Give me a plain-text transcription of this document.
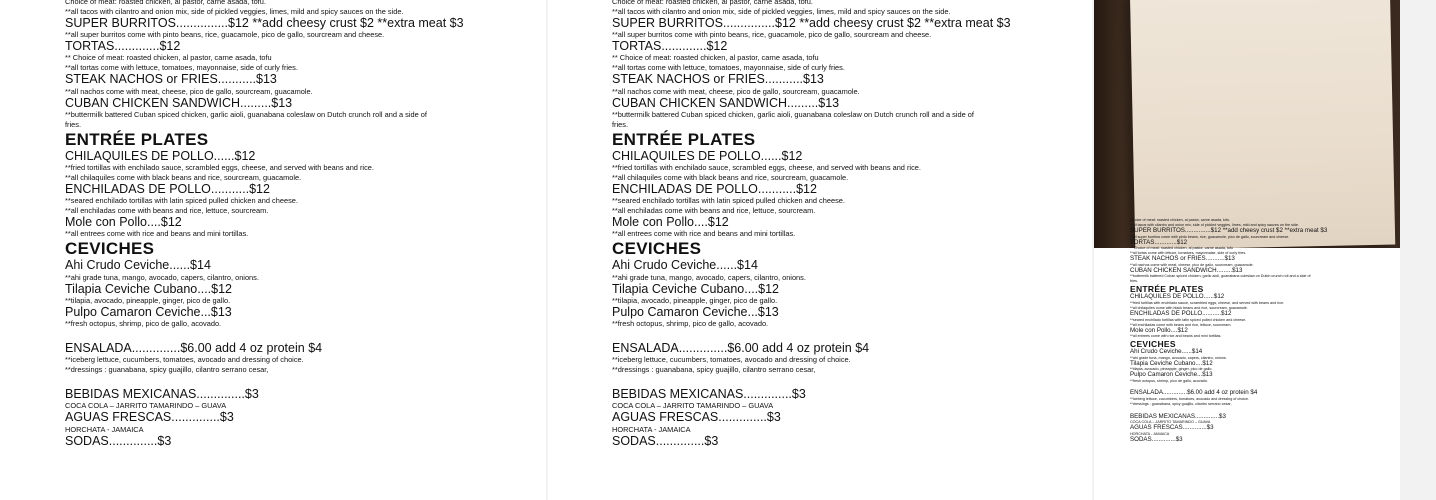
Choice of meat: roasted chicken, al pastor, carne asada, tofu.
**all tacos with cilantro and onion mix, side of pickled veggies, limes, mild and spicy sauces on the side.
SUPER BURRITOS...............$12 **add cheesy crust $2 **extra meat $3
**all super burritos come with pinto beans, rice, guacamole, pico de gallo, sourcream and cheese.
TORTAS.............$12
** Choice of meat: roasted chicken, al pastor, carne asada, tofu
**all tortas come with lettuce, tomatoes, mayonnaise, side of curly fries.
STEAK NACHOS or FRIES...........$13
**all nachos come with meat, cheese, pico de gallo, sourcream, guacamole.
CUBAN CHICKEN SANDWICH.........$13
**buttermilk battered Cuban spiced chicken, garlic aioli, guanabana coleslaw on Dutch crunch roll and a side of
fries.
ENTRÉE PLATES
CHILAQUILES DE POLLO......$12
**fried tortillas with enchilado sauce, scrambled eggs, cheese, and served with beans and rice.
**all chilaquiles come with black beans and rice, sourcream, guacamole.
ENCHILADAS DE POLLO...........$12
**seared enchilado tortillas with latin spiced pulled chicken and cheese.
**all enchiladas come with beans and rice, lettuce, sourcream.
Mole con Pollo....$12
**all entrees come with rice and beans and mini tortillas.
CEVICHES
Ahi Crudo Ceviche......$14
**ahi grade tuna, mango, avocado, capers, cilantro, onions.
Tilapia Ceviche Cubano....$12
**tilapia, avocado, pineapple, ginger, pico de gallo.
Pulpo Camaron Ceviche...$13
**fresh octopus, shrimp, pico de gallo, acovado.
ENSALADA..............$6.00 add 4 oz protein $4
**iceberg lettuce, cucumbers, tomatoes, avocado and dressing of choice.
**dressings : guanabana, spicy guajillo, cilantro serrano cesar,
BEBIDAS MEXICANAS..............$3
COCA COLA – JARRITO TAMARINDO – GUAVA
AGUAS FRESCAS..............$3
HORCHATA - JAMAICA
SODAS..............$3
Choice of meat: roasted chicken, al pastor, carne asada, tofu.
**all tacos with cilantro and onion mix, side of pickled veggies, limes, mild and spicy sauces on the side.
SUPER BURRITOS...............$12 **add cheesy crust $2 **extra meat $3
**all super burritos come with pinto beans, rice, guacamole, pico de gallo, sourcream and cheese.
TORTAS.............$12
** Choice of meat: roasted chicken, al pastor, carne asada, tofu
**all tortas come with lettuce, tomatoes, mayonnaise, side of curly fries.
STEAK NACHOS or FRIES...........$13
**all nachos come with meat, cheese, pico de gallo, sourcream, guacamole.
CUBAN CHICKEN SANDWICH.........$13
**buttermilk battered Cuban spiced chicken, garlic aioli, guanabana coleslaw on Dutch crunch roll and a side of
fries.
ENTRÉE PLATES
CHILAQUILES DE POLLO......$12
**fried tortillas with enchilado sauce, scrambled eggs, cheese, and served with beans and rice.
**all chilaquiles come with black beans and rice, sourcream, guacamole.
ENCHILADAS DE POLLO...........$12
**seared enchilado tortillas with latin spiced pulled chicken and cheese.
**all enchiladas come with beans and rice, lettuce, sourcream.
Mole con Pollo....$12
**all entrees come with rice and beans and mini tortillas.
CEVICHES
Ahi Crudo Ceviche......$14
**ahi grade tuna, mango, avocado, capers, cilantro, onions.
Tilapia Ceviche Cubano....$12
**tilapia, avocado, pineapple, ginger, pico de gallo.
Pulpo Camaron Ceviche...$13
**fresh octopus, shrimp, pico de gallo, acovado.
ENSALADA..............$6.00 add 4 oz protein $4
**iceberg lettuce, cucumbers, tomatoes, avocado and dressing of choice.
**dressings : guanabana, spicy guajillo, cilantro serrano cesar,
BEBIDAS MEXICANAS..............$3
COCA COLA – JARRITO TAMARINDO – GUAVA
AGUAS FRESCAS..............$3
HORCHATA - JAMAICA
SODAS..............$3
Choice of meat: roasted chicken, al pastor, carne asada, tofu.
**all tacos with cilantro and onion mix, side of pickled veggies, limes, mild and spicy sauces on the side.
SUPER BURRITOS...............$12 **add cheesy crust $2 **extra meat $3
**all super burritos come with pinto beans, rice, guacamole, pico de gallo, sourcream and cheese.
TORTAS.............$12
** Choice of meat: roasted chicken, al pastor, carne asada, tofu
**all tortas come with lettuce, tomatoes, mayonnaise, side of curly fries.
STEAK NACHOS or FRIES...........$13
**all nachos come with meat, cheese, pico de gallo, sourcream, guacamole.
CUBAN CHICKEN SANDWICH.........$13
**buttermilk battered Cuban spiced chicken, garlic aioli, guanabana coleslaw on Dutch crunch roll and a side of
fries.
ENTRÉE PLATES
CHILAQUILES DE POLLO......$12
**fried tortillas with enchilado sauce, scrambled eggs, cheese, and served with beans and rice.
**all chilaquiles come with black beans and rice, sourcream, guacamole.
ENCHILADAS DE POLLO...........$12
**seared enchilado tortillas with latin spiced pulled chicken and cheese.
**all enchiladas come with beans and rice, lettuce, sourcream.
Mole con Pollo....$12
**all entrees come with rice and beans and mini tortillas.
CEVICHES
Ahi Crudo Ceviche......$14
**ahi grade tuna, mango, avocado, capers, cilantro, onions.
Tilapia Ceviche Cubano....$12
**tilapia, avocado, pineapple, ginger, pico de gallo.
Pulpo Camaron Ceviche...$13
**fresh octopus, shrimp, pico de gallo, acovado.
ENSALADA..............$6.00 add 4 oz protein $4
**iceberg lettuce, cucumbers, tomatoes, avocado and dressing of choice.
**dressings : guanabana, spicy guajillo, cilantro serrano cesar,
BEBIDAS MEXICANAS..............$3
COCA COLA – JARRITO TAMARINDO – GUAVA
AGUAS FRESCAS..............$3
HORCHATA - JAMAICA
SODAS..............$3
